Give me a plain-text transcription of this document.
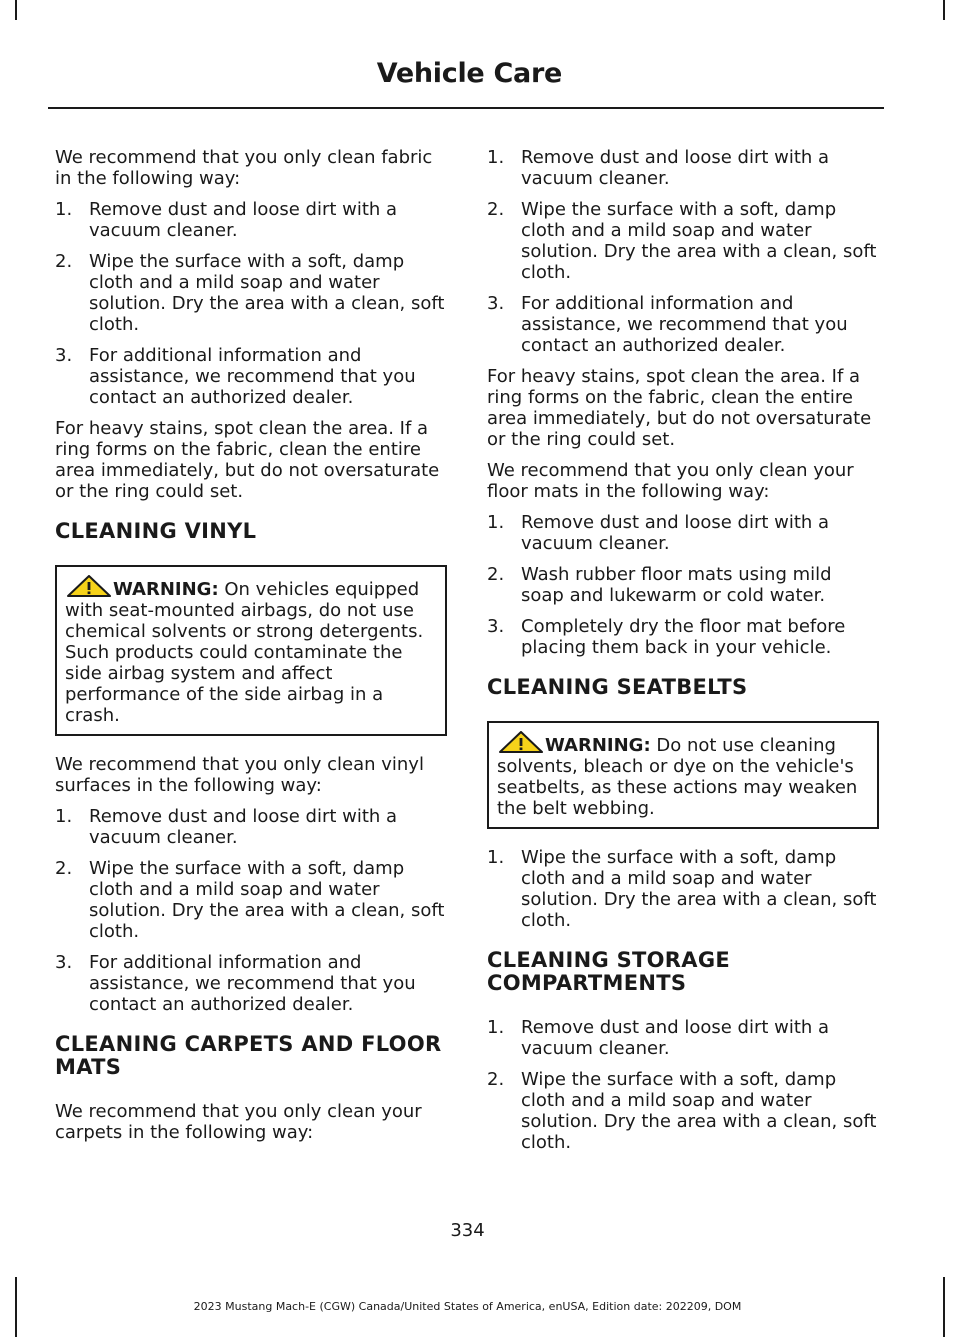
Vehicle Care

We recommend that you only clean fabric in the following way:

1. Remove dust and loose dirt with a vacuum cleaner.
2. Wipe the surface with a soft, damp cloth and a mild soap and water solution. Dry the area with a clean, soft cloth.
3. For additional information and assistance, we recommend that you contact an authorized dealer.

For heavy stains, spot clean the area. If a ring forms on the fabric, clean the entire area immediately, but do not oversaturate or the ring could set.

CLEANING VINYL
WARNING: On vehicles equipped with seat-mounted airbags, do not use chemical solvents or strong detergents. Such products could contaminate the side airbag system and affect performance of the side airbag in a crash.

We recommend that you only clean vinyl surfaces in the following way:

1. Remove dust and loose dirt with a vacuum cleaner.
2. Wipe the surface with a soft, damp cloth and a mild soap and water solution. Dry the area with a clean, soft cloth.
3. For additional information and assistance, we recommend that you contact an authorized dealer.
CLEANING CARPETS AND FLOOR MATS

We recommend that you only clean your carpets in the following way:

1. Remove dust and loose dirt with a vacuum cleaner.
2. Wipe the surface with a soft, damp cloth and a mild soap and water solution. Dry the area with a clean, soft cloth.
3. For additional information and assistance, we recommend that you contact an authorized dealer.

For heavy stains, spot clean the area. If a ring forms on the fabric, clean the entire area immediately, but do not oversaturate or the ring could set.

We recommend that you only clean your floor mats in the following way:

1. Remove dust and loose dirt with a vacuum cleaner.
2. Wash rubber floor mats using mild soap and lukewarm or cold water.
3. Completely dry the floor mat before placing them back in your vehicle.
CLEANING SEATBELTS
WARNING: Do not use cleaning solvents, bleach or dye on the vehicle's seatbelts, as these actions may weaken the belt webbing.
1. Wipe the surface with a soft, damp cloth and a mild soap and water solution. Dry the area with a clean, soft cloth.
CLEANING STORAGE COMPARTMENTS
1. Remove dust and loose dirt with a vacuum cleaner.
2. Wipe the surface with a soft, damp cloth and a mild soap and water solution. Dry the area with a clean, soft cloth.
334
2023 Mustang Mach-E (CGW) Canada/United States of America, enUSA, Edition date: 202209, DOM
